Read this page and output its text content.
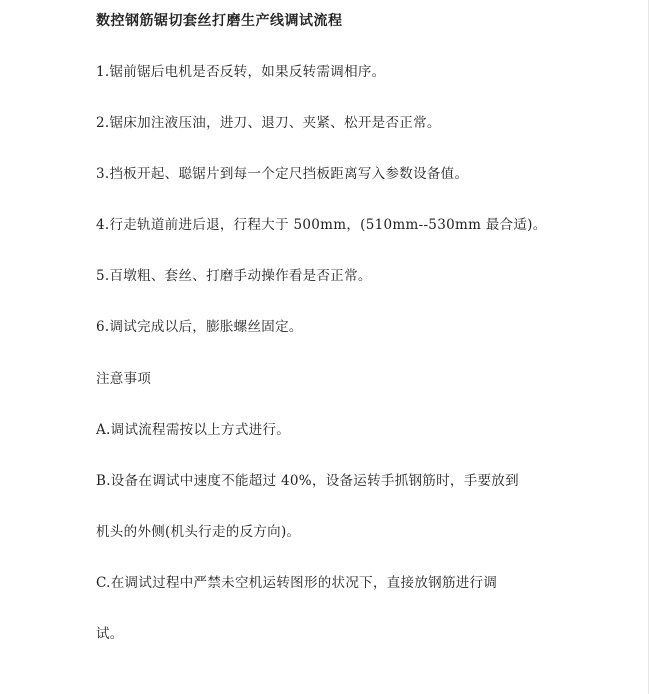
数控钢筋锯切套丝打磨生产线调试流程
1.锯前锯后电机是否反转，如果反转需调相序。
2.锯床加注液压油，进刀、退刀、夹紧、松开是否正常。
3.挡板开起、聪锯片到每一个定尺挡板距离写入参数设备值。
4.行走轨道前进后退，行程大于 500mm，(510mm--530mm 最合适)。
5.百墩粗、套丝、打磨手动操作看是否正常。
6.调试完成以后，膨胀螺丝固定。
注意事项
A.调试流程需按以上方式进行。
B.设备在调试中速度不能超过 40%，设备运转手抓钢筋时，手要放到
机头的外侧(机头行走的反方向)。
C.在调试过程中严禁未空机运转图形的状况下，直接放钢筋进行调
试。
